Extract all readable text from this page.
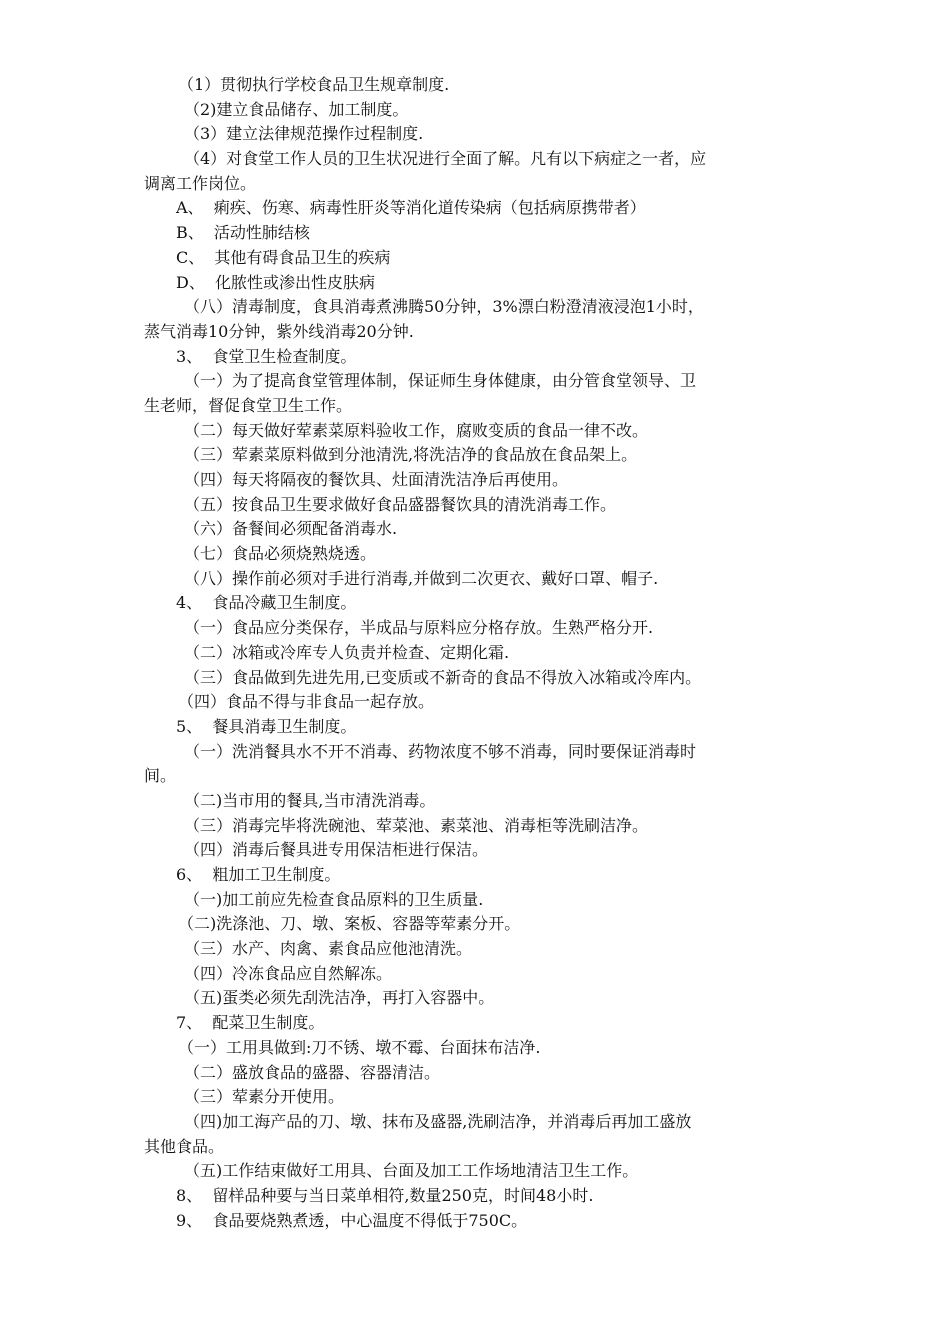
（1）贯彻执行学校食品卫生规章制度.
（2)建立食品储存、加工制度。
（3）建立法律规范操作过程制度.
（4）对食堂工作人员的卫生状况进行全面了解。凡有以下病症之一者，应
调离工作岗位。
A、  痢疾、伤寒、病毒性肝炎等消化道传染病（包括病原携带者）
B、  活动性肺结核
C、  其他有碍食品卫生的疾病
D、  化脓性或渗出性皮肤病
（八）清毒制度，食具消毒煮沸腾50分钟，3%漂白粉澄清液浸泡1小时，
蒸气消毒10分钟，紫外线消毒20分钟.
3、  食堂卫生检查制度。
（一）为了提高食堂管理体制，保证师生身体健康，由分管食堂领导、卫
生老师，督促食堂卫生工作。
（二）每天做好荤素菜原料验收工作，腐败变质的食品一律不改。
（三）荤素菜原料做到分池清洗,将洗洁净的食品放在食品架上。
（四）每天将隔夜的餐饮具、灶面清洗洁净后再使用。
（五）按食品卫生要求做好食品盛器餐饮具的清洗消毒工作。
（六）备餐间必须配备消毒水.
（七）食品必须烧熟烧透。
（八）操作前必须对手进行消毒,并做到二次更衣、戴好口罩、帽子.
4、  食品冷藏卫生制度。
（一）食品应分类保存，半成品与原料应分格存放。生熟严格分开.
（二）冰箱或冷库专人负责并检查、定期化霜.
（三）食品做到先进先用,已变质或不新奇的食品不得放入冰箱或冷库内。
（四）食品不得与非食品一起存放。
5、  餐具消毒卫生制度。
（一）洗消餐具水不开不消毒、药物浓度不够不消毒，同时要保证消毒时
间。
（二)当市用的餐具,当市清洗消毒。
（三）消毒完毕将洗碗池、荤菜池、素菜池、消毒柜等洗刷洁净。
（四）消毒后餐具进专用保洁柜进行保洁。
6、  粗加工卫生制度。
（一)加工前应先检查食品原料的卫生质量.
（二)洗涤池、刀、墩、案板、容器等荤素分开。
（三）水产、肉禽、素食品应他池清洗。
（四）冷冻食品应自然解冻。
（五)蛋类必须先刮洗洁净，再打入容器中。
7、  配菜卫生制度。
（一）工用具做到:刀不锈、墩不霉、台面抹布洁净.
（二）盛放食品的盛器、容器清洁。
（三）荤素分开使用。
（四)加工海产品的刀、墩、抹布及盛器,洗刷洁净，并消毒后再加工盛放
其他食品。
（五)工作结束做好工用具、台面及加工工作场地清洁卫生工作。
8、  留样品种要与当日菜单相符,数量250克，时间48小时.
9、  食品要烧熟煮透，中心温度不得低于750C。
